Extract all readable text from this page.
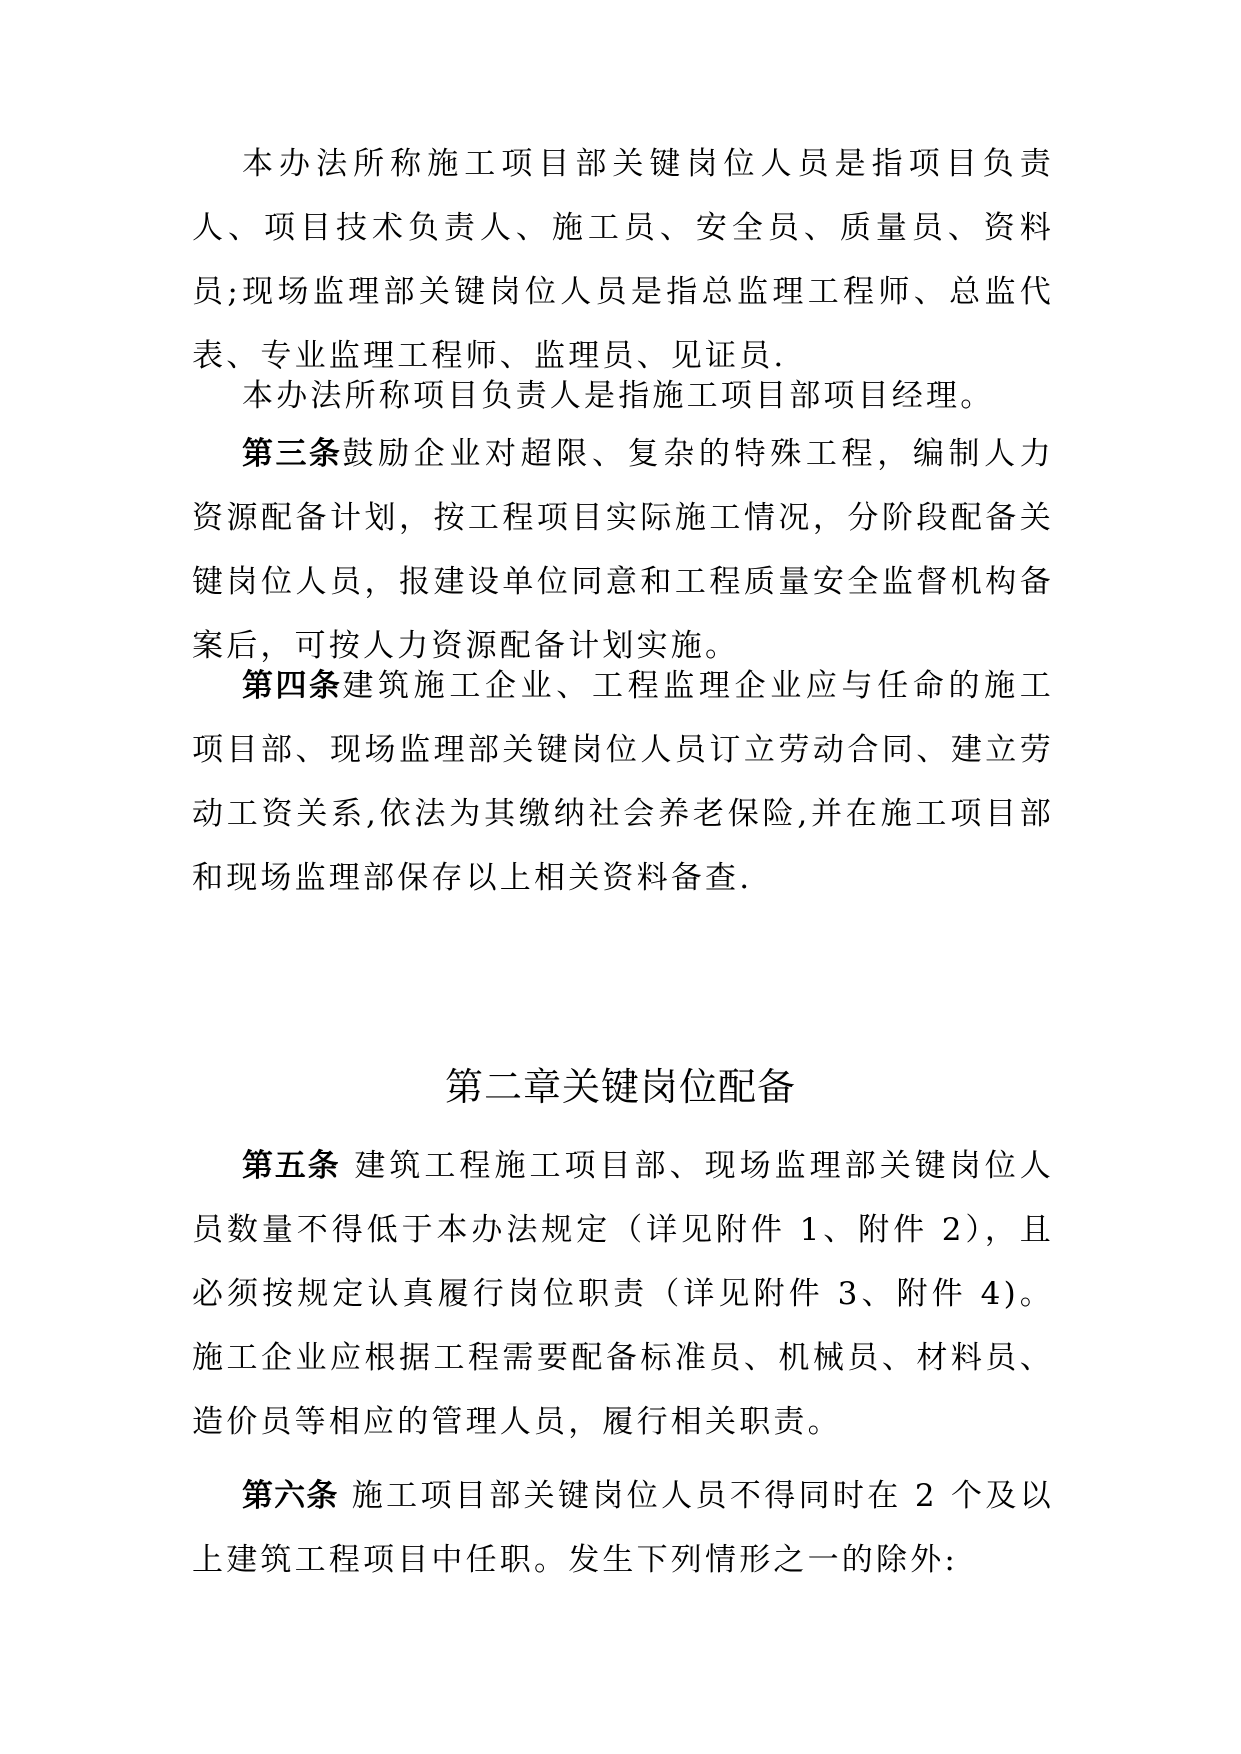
本办法所称施工项目部关键岗位人员是指项目负责人、项目技术负责人、施工员、安全员、质量员、资料员;现场监理部关键岗位人员是指总监理工程师、总监代表、专业监理工程师、监理员、见证员.

本办法所称项目负责人是指施工项目部项目经理。

第三条鼓励企业对超限、复杂的特殊工程，编制人力资源配备计划，按工程项目实际施工情况，分阶段配备关键岗位人员，报建设单位同意和工程质量安全监督机构备案后，可按人力资源配备计划实施。

第四条建筑施工企业、工程监理企业应与任命的施工项目部、现场监理部关键岗位人员订立劳动合同、建立劳动工资关系,依法为其缴纳社会养老保险,并在施工项目部和现场监理部保存以上相关资料备查.

第二章关键岗位配备

第五条 建筑工程施工项目部、现场监理部关键岗位人员数量不得低于本办法规定（详见附件 1、附件 2），且必须按规定认真履行岗位职责（详见附件 3、附件 4)。施工企业应根据工程需要配备标准员、机械员、材料员、造价员等相应的管理人员，履行相关职责。

第六条 施工项目部关键岗位人员不得同时在 2 个及以上建筑工程项目中任职。发生下列情形之一的除外:
